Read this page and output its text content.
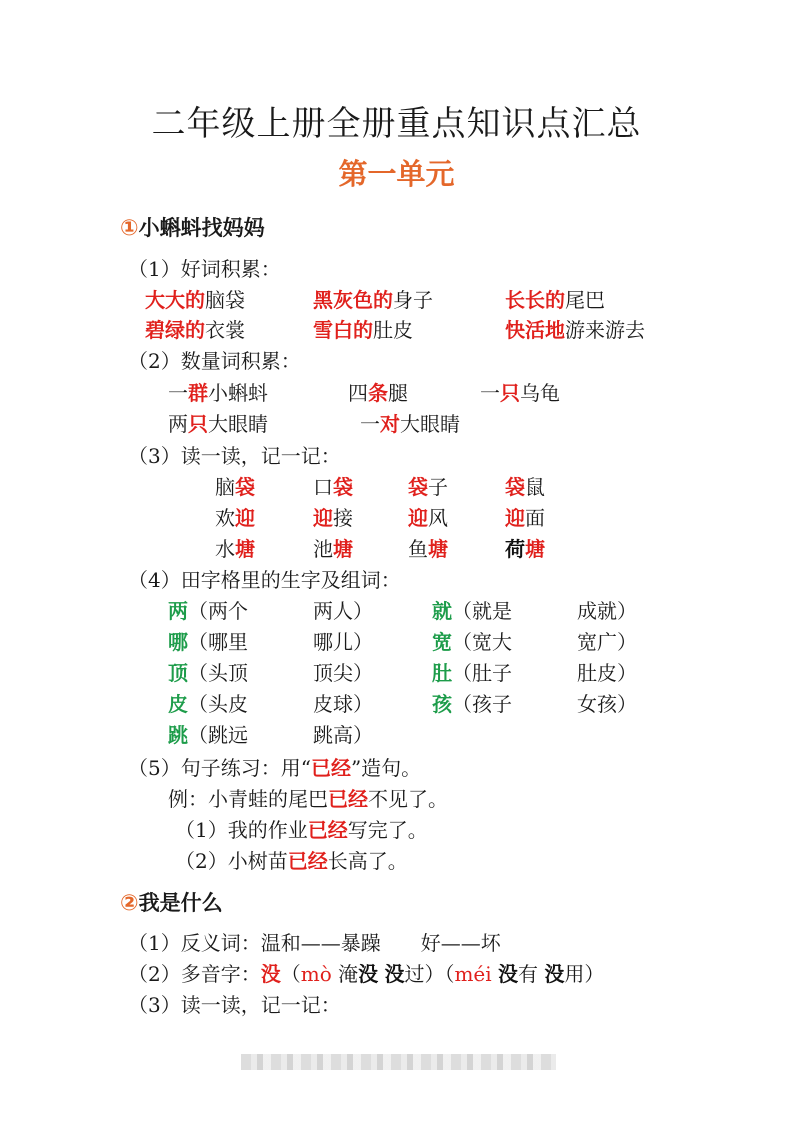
二年级上册全册重点知识点汇总
第一单元
①小蝌蚪找妈妈
（1）好词积累：
大大的脑袋	黑灰色的身子	长长的尾巴
碧绿的衣裳	雪白的肚皮	快活地游来游去
（2）数量词积累：
一群小蝌蚪	四条腿	一只乌龟
两只大眼睛	一对大眼睛
（3）读一读，记一记：
脑袋	口袋	袋子	袋鼠
欢迎	迎接	迎风	迎面
水塘	池塘	鱼塘	荷塘
（4）田字格里的生字及组词：
两（两个	两人）	就（就是	成就）
哪（哪里	哪儿）	宽（宽大	宽广）
顶（头顶	顶尖）	肚（肚子	肚皮）
皮（头皮	皮球）	孩（孩子	女孩）
跳（跳远	跳高）
（5）句子练习：用“已经”造句。
例：小青蛙的尾巴已经不见了。
（1）我的作业已经写完了。
（2）小树苗已经长高了。
②我是什么
（1）反义词：温和——暴躁　　好——坏
（2）多音字：没（mò 淹没 没过）（méi 没有 没用）
（3）读一读，记一记：
